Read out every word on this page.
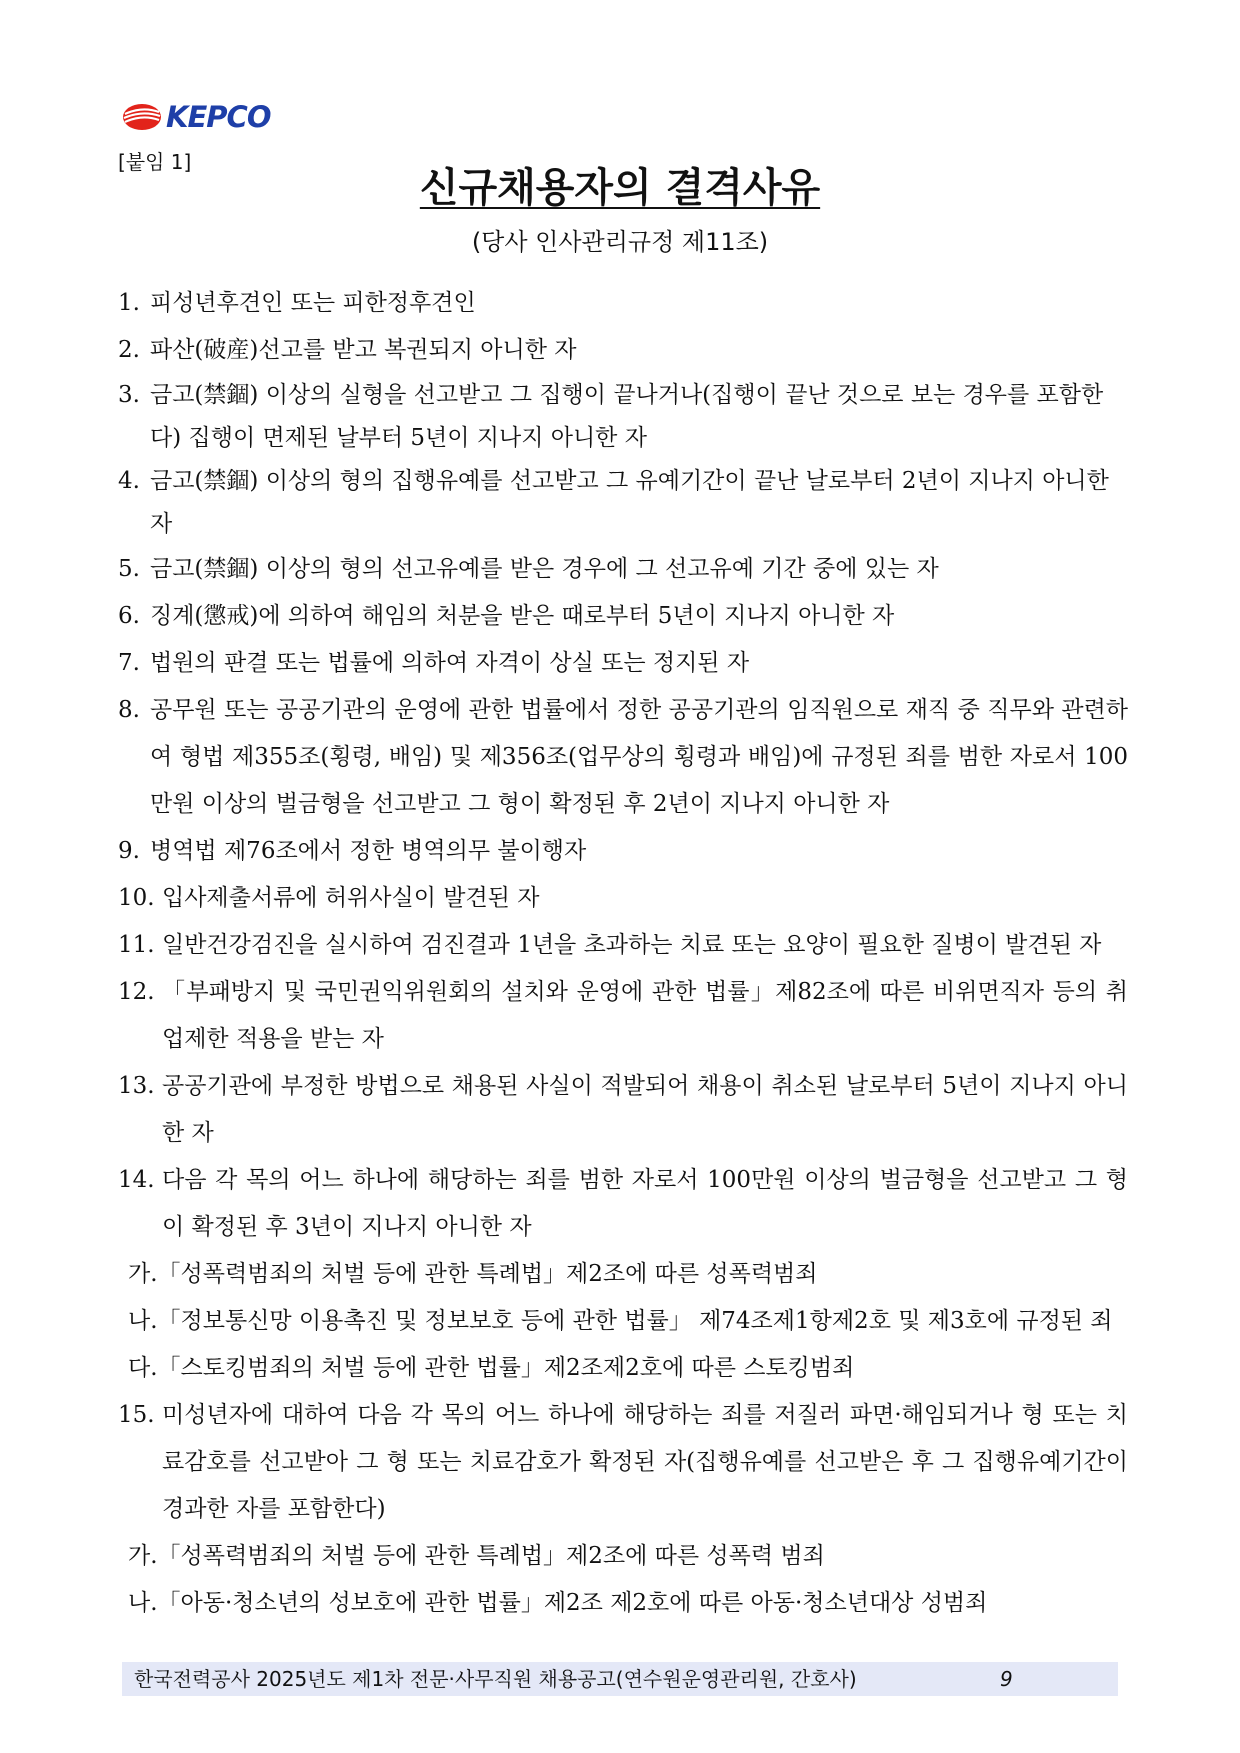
KEPCO
[붙임 1]
신규채용자의 결격사유
(당사 인사관리규정 제11조)
1. 피성년후견인 또는 피한정후견인
2. 파산(破産)선고를 받고 복권되지 아니한 자
3. 금고(禁錮) 이상의 실형을 선고받고 그 집행이 끝나거나(집행이 끝난 것으로 보는 경우를 포함한다) 집행이 면제된 날부터 5년이 지나지 아니한 자
4. 금고(禁錮) 이상의 형의 집행유예를 선고받고 그 유예기간이 끝난 날로부터 2년이 지나지 아니한 자
5. 금고(禁錮) 이상의 형의 선고유예를 받은 경우에 그 선고유예 기간 중에 있는 자
6. 징계(懲戒)에 의하여 해임의 처분을 받은 때로부터 5년이 지나지 아니한 자
7. 법원의 판결 또는 법률에 의하여 자격이 상실 또는 정지된 자
8. 공무원 또는 공공기관의 운영에 관한 법률에서 정한 공공기관의 임직원으로 재직 중 직무와 관련하여 형법 제355조(횡령, 배임) 및 제356조(업무상의 횡령과 배임)에 규정된 죄를 범한 자로서 100만원 이상의 벌금형을 선고받고 그 형이 확정된 후 2년이 지나지 아니한 자
9. 병역법 제76조에서 정한 병역의무 불이행자
10. 입사제출서류에 허위사실이 발견된 자
11. 일반건강검진을 실시하여 검진결과 1년을 초과하는 치료 또는 요양이 필요한 질병이 발견된 자
12. 「부패방지 및 국민권익위원회의 설치와 운영에 관한 법률」제82조에 따른 비위면직자 등의 취업제한 적용을 받는 자
13. 공공기관에 부정한 방법으로 채용된 사실이 적발되어 채용이 취소된 날로부터 5년이 지나지 아니한 자
14. 다음 각 목의 어느 하나에 해당하는 죄를 범한 자로서 100만원 이상의 벌금형을 선고받고 그 형이 확정된 후 3년이 지나지 아니한 자
가.「성폭력범죄의 처벌 등에 관한 특례법」제2조에 따른 성폭력범죄
나.「정보통신망 이용촉진 및 정보보호 등에 관한 법률」 제74조제1항제2호 및 제3호에 규정된 죄
다.「스토킹범죄의 처벌 등에 관한 법률」제2조제2호에 따른 스토킹범죄
15. 미성년자에 대하여 다음 각 목의 어느 하나에 해당하는 죄를 저질러 파면·해임되거나 형 또는 치료감호를 선고받아 그 형 또는 치료감호가 확정된 자(집행유예를 선고받은 후 그 집행유예기간이 경과한 자를 포함한다)
가.「성폭력범죄의 처벌 등에 관한 특례법」제2조에 따른 성폭력 범죄
나.「아동·청소년의 성보호에 관한 법률」제2조 제2호에 따른 아동·청소년대상 성범죄
한국전력공사 2025년도 제1차 전문·사무직원 채용공고(연수원운영관리원, 간호사)	9
